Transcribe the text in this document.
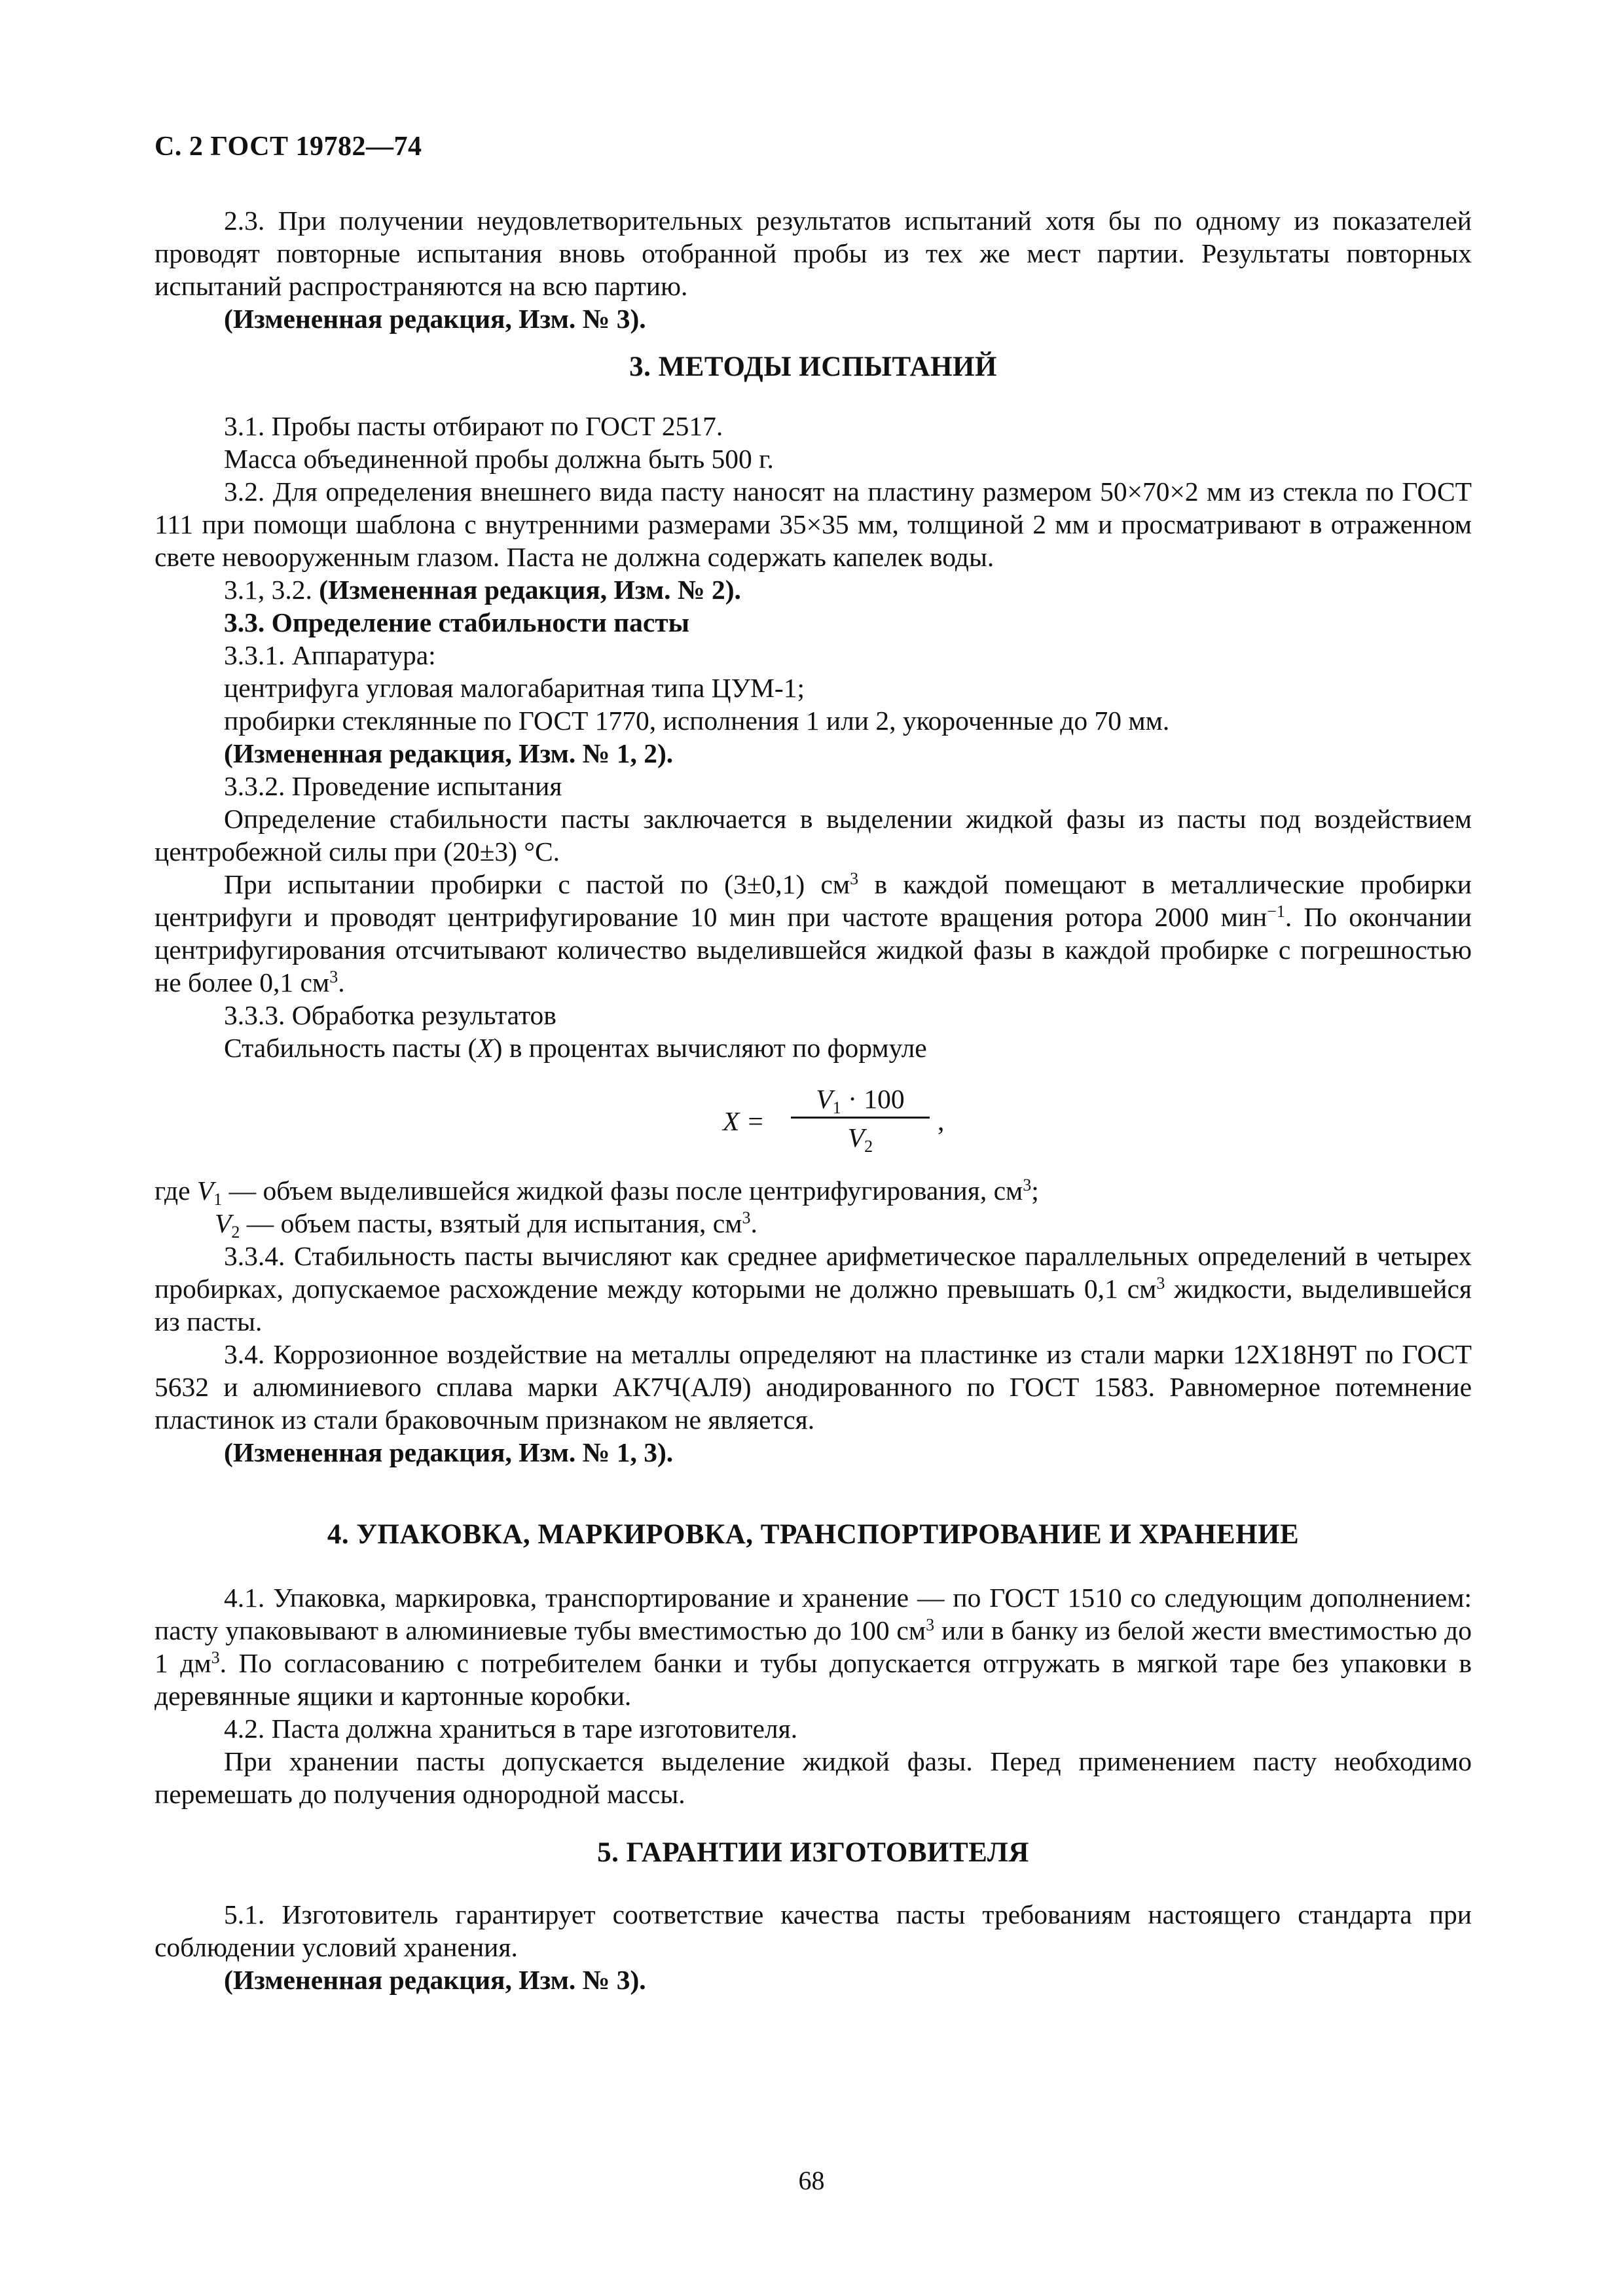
С. 2 ГОСТ 19782—74

2.3. При получении неудовлетворительных результатов испытаний хотя бы по одному из показателей проводят повторные испытания вновь отобранной пробы из тех же мест партии. Результаты повторных испытаний распространяются на всю партию.

(Измененная редакция, Изм. № 3).

3. МЕТОДЫ ИСПЫТАНИЙ

3.1. Пробы пасты отбирают по ГОСТ 2517.

Масса объединенной пробы должна быть 500 г.

3.2. Для определения внешнего вида пасту наносят на пластину размером 50×70×2 мм из стекла по ГОСТ 111 при помощи шаблона с внутренними размерами 35×35 мм, толщиной 2 мм и просматривают в отраженном свете невооруженным глазом. Паста не должна содержать капелек воды.

3.1, 3.2. (Измененная редакция, Изм. № 2).

3.3. Определение стабильности пасты

3.3.1. Аппаратура:

центрифуга угловая малогабаритная типа ЦУМ-1;

пробирки стеклянные по ГОСТ 1770, исполнения 1 или 2, укороченные до 70 мм.

(Измененная редакция, Изм. № 1, 2).

3.3.2. Проведение испытания

Определение стабильности пасты заключается в выделении жидкой фазы из пасты под воздействием центробежной силы при (20±3) °С.

При испытании пробирки с пастой по (3±0,1) $см^3$ в каждой помещают в металлические пробирки центрифуги и проводят центрифугирование 10 мин при частоте вращения ротора 2000 мин$^{-1}$. По окончании центрифугирования отсчитывают количество выделившейся жидкой фазы в каждой пробирке с погрешностью не более 0,1 $см^3$.

3.3.3. Обработка результатов

Стабильность пасты (X) в процентах вычисляют по формуле

X =
$V_1 \cdot 100$
$V_2$
,

где $V_1$ — объем выделившейся жидкой фазы после центрифугирования, $см^3$;

$V_2$ — объем пасты, взятый для испытания, $см^3$.

3.3.4. Стабильность пасты вычисляют как среднее арифметическое параллельных определений в четырех пробирках, допускаемое расхождение между которыми не должно превышать 0,1 $см^3$ жидкости, выделившейся из пасты.

3.4. Коррозионное воздействие на металлы определяют на пластинке из стали марки 12Х18Н9Т по ГОСТ 5632 и алюминиевого сплава марки АК7Ч(АЛ9) анодированного по ГОСТ 1583. Равномерное потемнение пластинок из стали браковочным признаком не является.

(Измененная редакция, Изм. № 1, 3).

4. УПАКОВКА, МАРКИРОВКА, ТРАНСПОРТИРОВАНИЕ И ХРАНЕНИЕ

4.1. Упаковка, маркировка, транспортирование и хранение — по ГОСТ 1510 со следующим дополнением: пасту упаковывают в алюминиевые тубы вместимостью до 100 $см^3$ или в банку из белой жести вместимостью до 1 $дм^3$. По согласованию с потребителем банки и тубы допускается отгружать в мягкой таре без упаковки в деревянные ящики и картонные коробки.

4.2. Паста должна храниться в таре изготовителя.

При хранении пасты допускается выделение жидкой фазы. Перед применением пасту необходимо перемешать до получения однородной массы.

5. ГАРАНТИИ ИЗГОТОВИТЕЛЯ

5.1. Изготовитель гарантирует соответствие качества пасты требованиям настоящего стандарта при соблюдении условий хранения.

(Измененная редакция, Изм. № 3).

68
